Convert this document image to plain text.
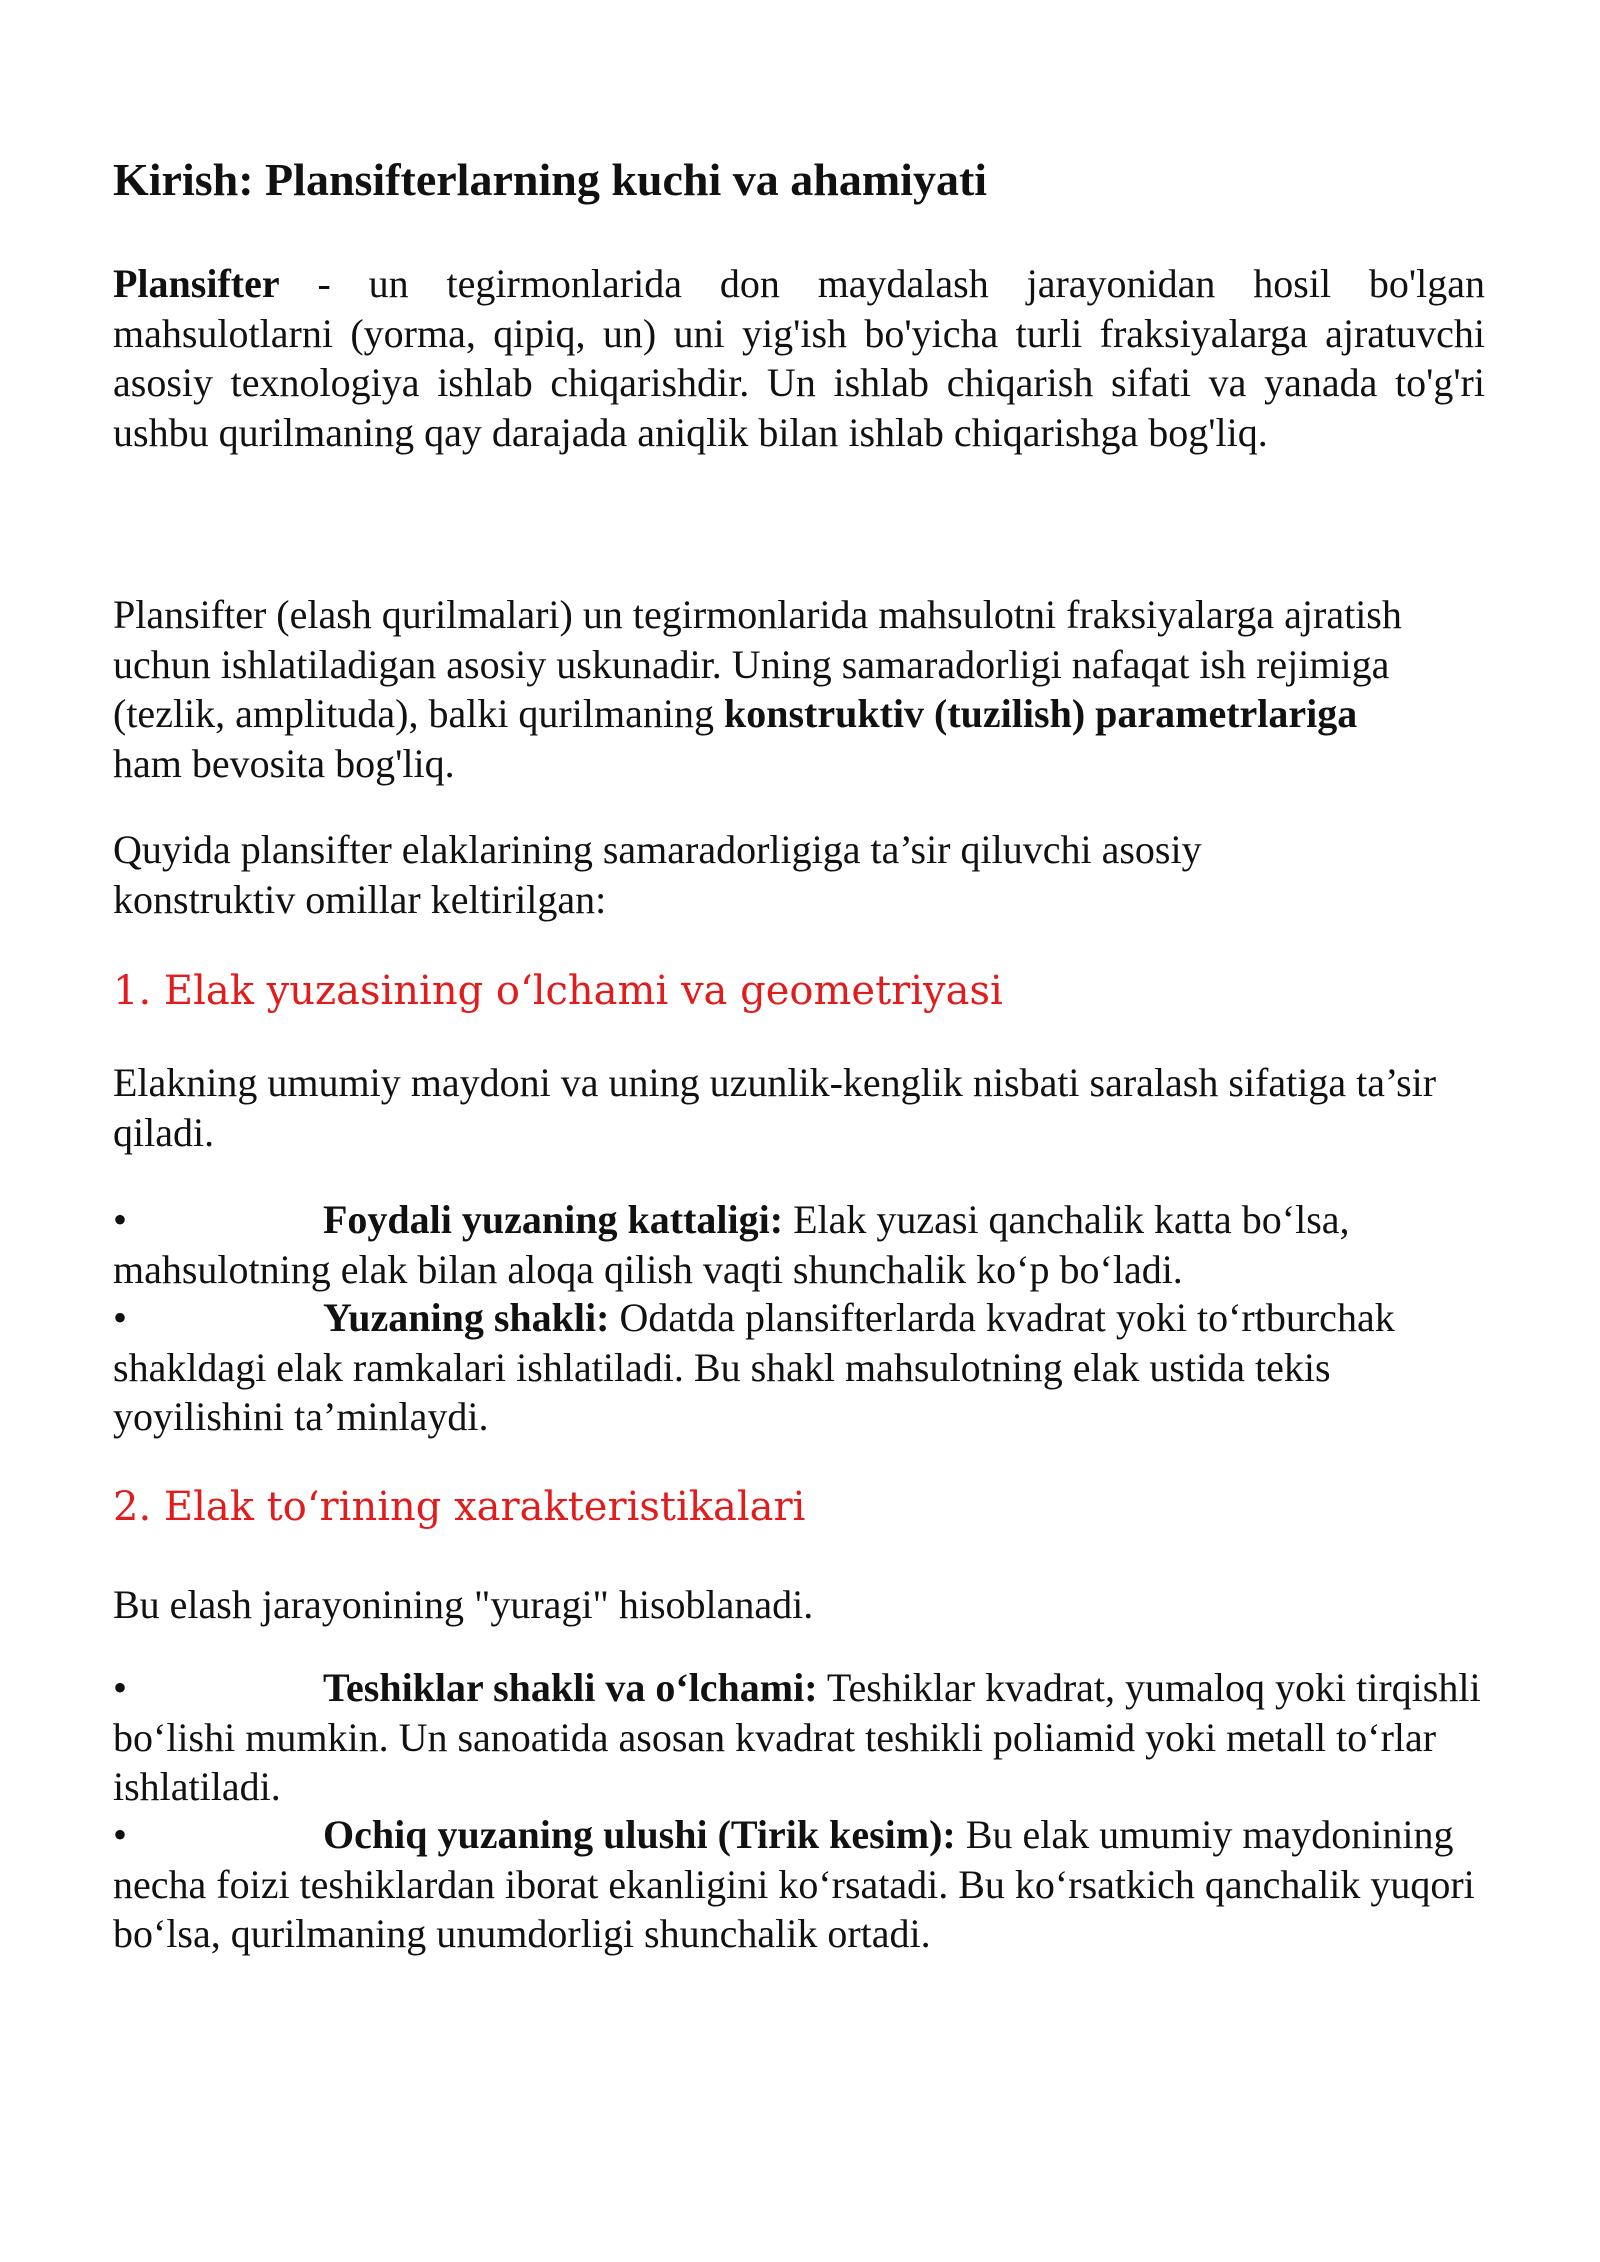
Kirish: Plansifterlarning kuchi va ahamiyati

Plansifter - un tegirmonlarida don maydalash jarayonidan hosil bo'lgan mahsulotlarni (yorma, qipiq, un) uni yig'ish bo'yicha turli fraksiyalarga ajratuvchi asosiy texnologiya ishlab chiqarishdir. Un ishlab chiqarish sifati va yanada to'g'ri ushbu qurilmaning qay darajada aniqlik bilan ishlab chiqarishga bog'liq.

Plansifter (elash qurilmalari) un tegirmonlarida mahsulotni fraksiyalarga ajratish uchun ishlatiladigan asosiy uskunadir. Uning samaradorligi nafaqat ish rejimiga (tezlik, amplituda), balki qurilmaning konstruktiv (tuzilish) parametrlariga ham bevosita bog'liq.

Quyida plansifter elaklarining samaradorligiga ta’sir qiluvchi asosiy konstruktiv omillar keltirilgan:

1. Elak yuzasining o‘lchami va geometriyasi

Elakning umumiy maydoni va uning uzunlik-kenglik nisbati saralash sifatiga ta’sir qiladi.

•	Foydali yuzaning kattaligi: Elak yuzasi qanchalik katta bo‘lsa, mahsulotning elak bilan aloqa qilish vaqti shunchalik ko‘p bo‘ladi.
•	Yuzaning shakli: Odatda plansifterlarda kvadrat yoki to‘rtburchak shakldagi elak ramkalari ishlatiladi. Bu shakl mahsulotning elak ustida tekis yoyilishini ta’minlaydi.
2. Elak to‘rining xarakteristikalari

Bu elash jarayonining "yuragi" hisoblanadi.

•	Teshiklar shakli va o‘lchami: Teshiklar kvadrat, yumaloq yoki tirqishli bo‘lishi mumkin. Un sanoatida asosan kvadrat teshikli poliamid yoki metall to‘rlar ishlatiladi.
•	Ochiq yuzaning ulushi (Tirik kesim): Bu elak umumiy maydonining necha foizi teshiklardan iborat ekanligini ko‘rsatadi. Bu ko‘rsatkich qanchalik yuqori bo‘lsa, qurilmaning unumdorligi shunchalik ortadi.
